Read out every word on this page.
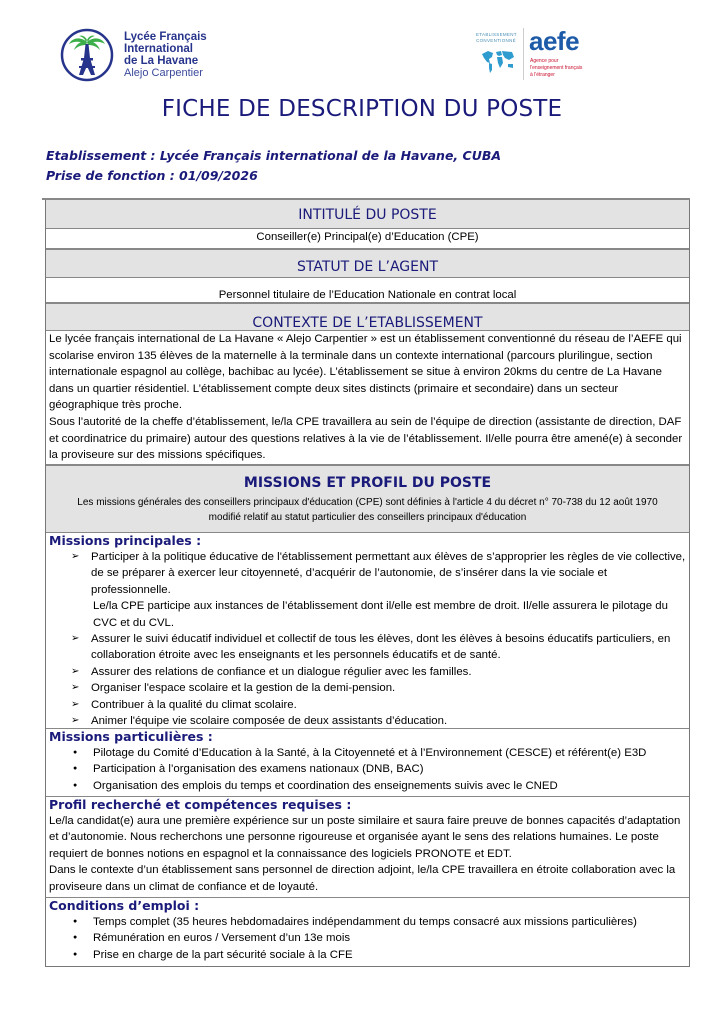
Lycée Français
International
de La Havane
Alejo Carpentier
ETABLISSEMENT
CONVENTIONNÉ aefe
Agence pour
l'enseignement français
à l'étranger
FICHE DE DESCRIPTION DU POSTE
Etablissement : Lycée Français international de la Havane, CUBA
Prise de fonction : 01/09/2026
INTITULÉ DU POSTE
Conseiller(e) Principal(e) d’Education (CPE)
STATUT DE L’AGENT
Personnel titulaire de l’Education Nationale en contrat local
CONTEXTE DE L’ETABLISSEMENT
Le lycée français international de La Havane « Alejo Carpentier » est un établissement conventionné du réseau de l’AEFE qui scolarise environ 135 élèves de la maternelle à la terminale dans un contexte international (parcours plurilingue, section internationale espagnol au collège, bachibac au lycée). L’établissement se situe à environ 20kms du centre de La Havane dans un quartier résidentiel. L’établissement compte deux sites distincts (primaire et secondaire) dans un secteur géographique très proche.
Sous l’autorité de la cheffe d’établissement, le/la CPE travaillera au sein de l’équipe de direction (assistante de direction, DAF et coordinatrice du primaire) autour des questions relatives à la vie de l’établissement. Il/elle pourra être amené(e) à seconder la proviseure sur des missions spécifiques.
MISSIONS ET PROFIL DU POSTE
Les missions générales des conseillers principaux d'éducation (CPE) sont définies à l'article 4 du décret n° 70-738 du 12 août 1970 modifié relatif au statut particulier des conseillers principaux d'éducation
Missions principales :
➢ Participer à la politique éducative de l'établissement permettant aux élèves de s’approprier les règles de vie collective, de se préparer à exercer leur citoyenneté, d’acquérir de l’autonomie, de s’insérer dans la vie sociale et professionnelle.
Le/la CPE participe aux instances de l’établissement dont il/elle est membre de droit. Il/elle assurera le pilotage du CVC et du CVL.
➢ Assurer le suivi éducatif individuel et collectif de tous les élèves, dont les élèves à besoins éducatifs particuliers, en collaboration étroite avec les enseignants et les personnels éducatifs et de santé.
➢ Assurer des relations de confiance et un dialogue régulier avec les familles.
➢ Organiser l'espace scolaire et la gestion de la demi-pension.
➢ Contribuer à la qualité du climat scolaire.
➢ Animer l'équipe vie scolaire composée de deux assistants d’éducation.
Missions particulières :
● Pilotage du Comité d’Education à la Santé, à la Citoyenneté et à l’Environnement (CESCE) et référent(e) E3D
● Participation à l’organisation des examens nationaux (DNB, BAC)
● Organisation des emplois du temps et coordination des enseignements suivis avec le CNED
Profil recherché et compétences requises :
Le/la candidat(e) aura une première expérience sur un poste similaire et saura faire preuve de bonnes capacités d’adaptation et d’autonomie. Nous recherchons une personne rigoureuse et organisée ayant le sens des relations humaines. Le poste requiert de bonnes notions en espagnol et la connaissance des logiciels PRONOTE et EDT.
Dans le contexte d’un établissement sans personnel de direction adjoint, le/la CPE travaillera en étroite collaboration avec la proviseure dans un climat de confiance et de loyauté.
Conditions d’emploi :
● Temps complet (35 heures hebdomadaires indépendamment du temps consacré aux missions particulières)
● Rémunération en euros / Versement d’un 13e mois
● Prise en charge de la part sécurité sociale à la CFE
